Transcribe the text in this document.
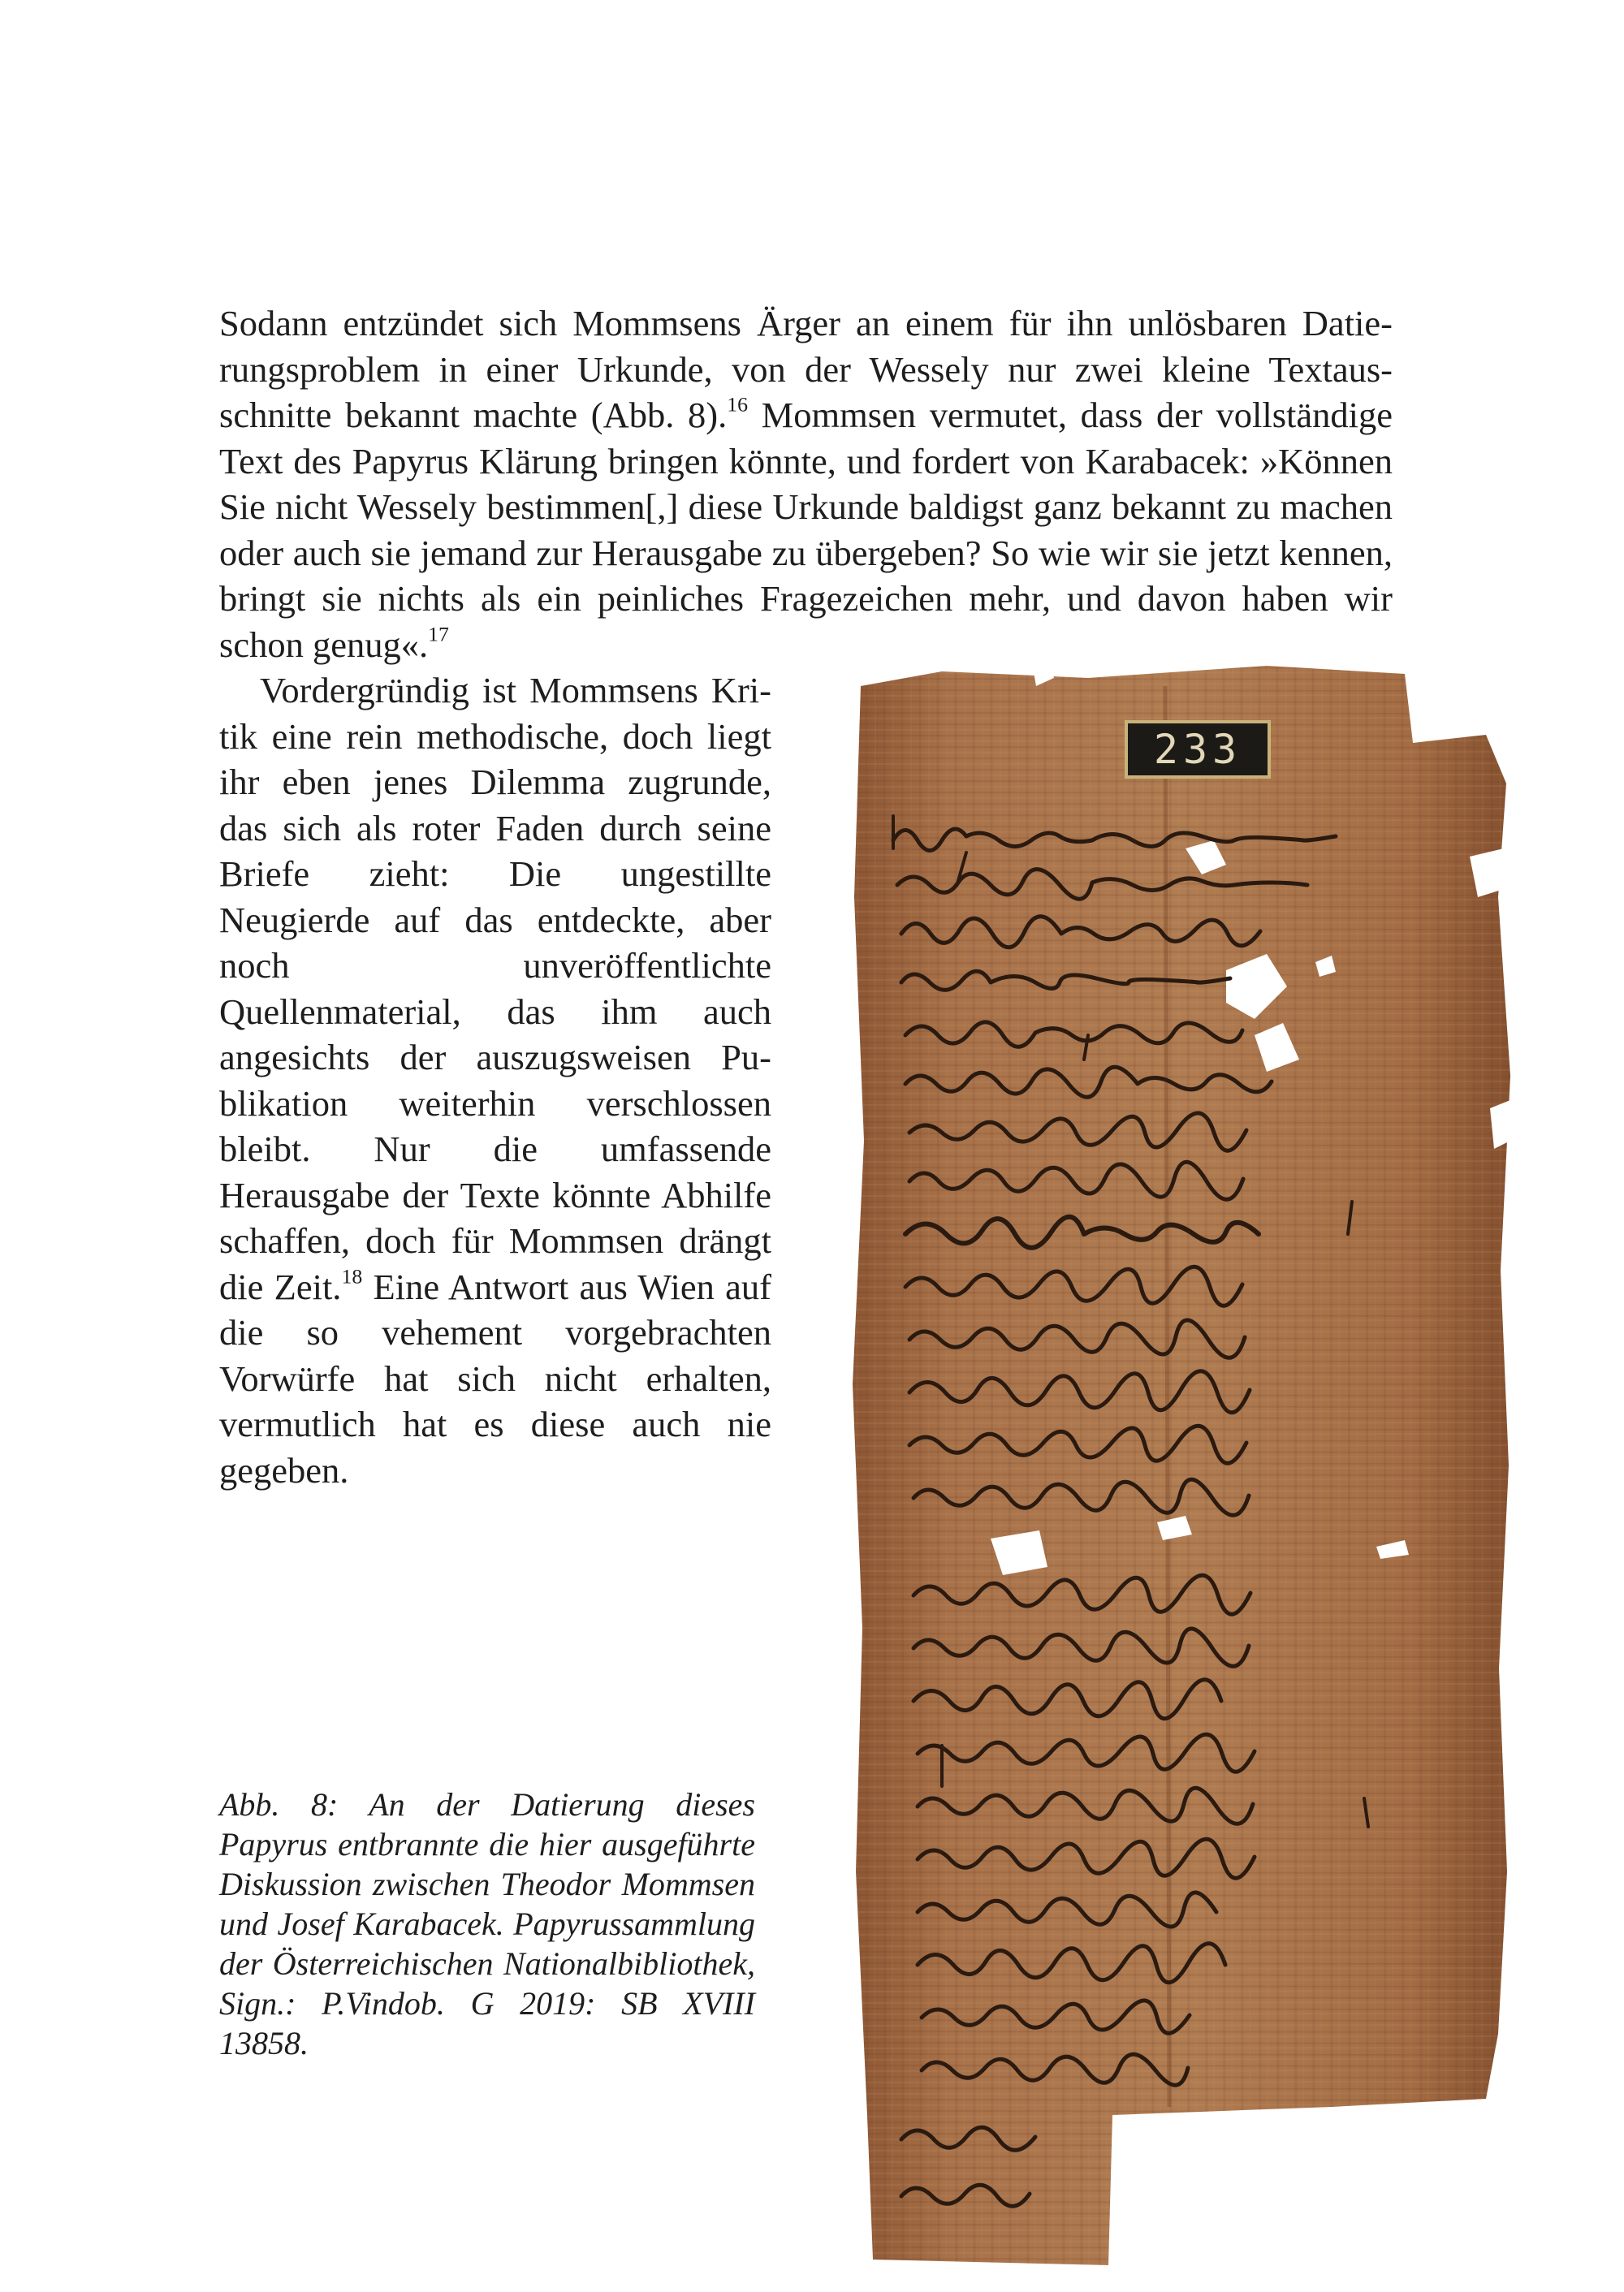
Sodann entzündet sich Mommsens Ärger an einem für ihn unlösbaren Datierungsproblem in einer Urkunde, von der Wessely nur zwei kleine Textausschnitte bekannt machte (Abb. 8).$^{16}$ Mommsen vermutet, dass der vollständige Text des Papyrus Klärung bringen könnte, und fordert von Karabacek: »Können Sie nicht Wessely bestimmen[,] diese Urkunde baldigst ganz bekannt zu machen oder auch sie jemand zur Herausgabe zu übergeben? So wie wir sie jetzt kennen, bringt sie nichts als ein peinliches Fragezeichen mehr, und davon haben wir schon genug«.$^{17}$

Vordergründig ist Mommsens Kritik eine rein methodische, doch liegt ihr eben jenes Dilemma zugrunde, das sich als roter Faden durch seine Briefe zieht: Die ungestillte Neugierde auf das entdeckte, aber noch unveröffentlichte Quellenmaterial, das ihm auch angesichts der auszugsweisen Publikation weiterhin verschlossen bleibt. Nur die umfassende Herausgabe der Texte könnte Abhilfe schaffen, doch für Mommsen drängt die Zeit.$^{18}$ Eine Antwort aus Wien auf die so vehement vorgebrachten Vorwürfe hat sich nicht erhalten, vermutlich hat es diese auch nie gegeben.

Abb. 8: An der Datierung dieses Papyrus entbrannte die hier ausgeführte Diskussion zwischen Theodor Mommsen und Josef Karabacek. Papyrussammlung der Österreichischen Nationalbibliothek, Sign.: P.Vindob. G 2019: SB XVIII 13858.

233
